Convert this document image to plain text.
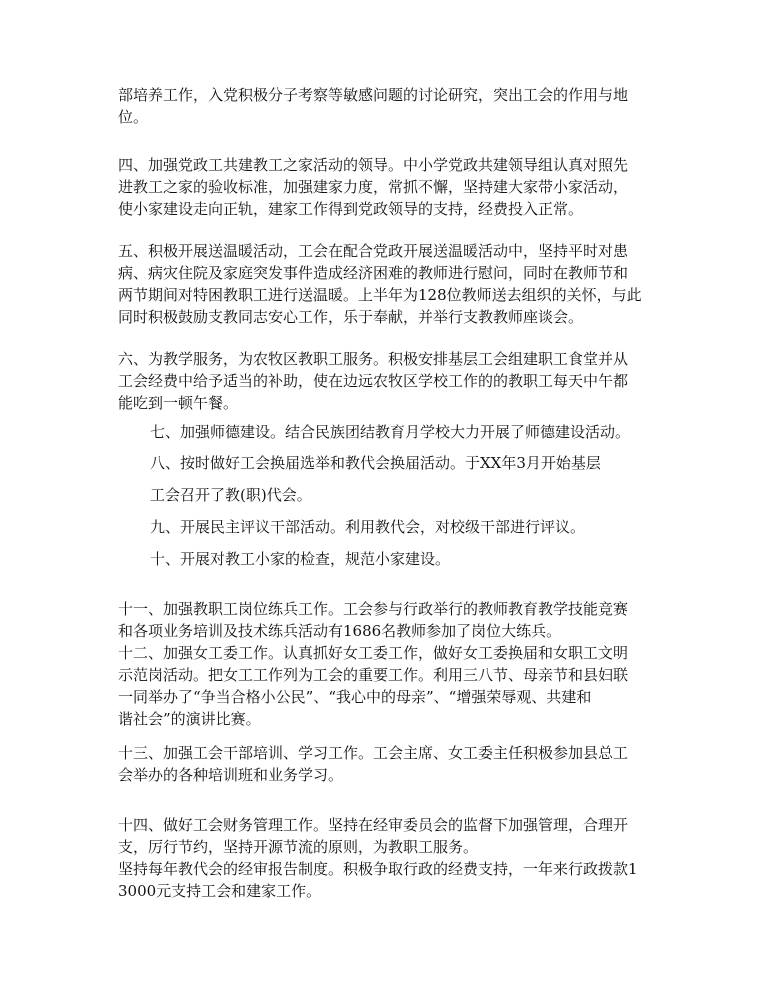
部培养工作，入党积极分子考察等敏感问题的讨论研究，突出工会的作用与地
位。

四、加强党政工共建教工之家活动的领导。中小学党政共建领导组认真对照先
进教工之家的验收标准，加强建家力度，常抓不懈，坚持建大家带小家活动，
使小家建设走向正轨，建家工作得到党政领导的支持，经费投入正常。

五、积极开展送温暖活动，工会在配合党政开展送温暖活动中，坚持平时对患
病、病灾住院及家庭突发事件造成经济困难的教师进行慰问，同时在教师节和
两节期间对特困教职工进行送温暖。上半年为128位教师送去组织的关怀，与此
同时积极鼓励支教同志安心工作，乐于奉献，并举行支教教师座谈会。

六、为教学服务，为农牧区教职工服务。积极安排基层工会组建职工食堂并从
工会经费中给予适当的补助，使在边远农牧区学校工作的的教职工每天中午都
能吃到一顿午餐。

七、加强师德建设。结合民族团结教育月学校大力开展了师德建设活动。

八、按时做好工会换届选举和教代会换届活动。于XX年3月开始基层

工会召开了教(职)代会。

九、开展民主评议干部活动。利用教代会，对校级干部进行评议。

十、开展对教工小家的检查，规范小家建设。

十一、加强教职工岗位练兵工作。工会参与行政举行的教师教育教学技能竞赛
和各项业务培训及技术练兵活动有1686名教师参加了岗位大练兵。
十二、加强女工委工作。认真抓好女工委工作，做好女工委换届和女职工文明
示范岗活动。把女工工作列为工会的重要工作。利用三八节、母亲节和县妇联
一同举办了“争当合格小公民”、“我心中的母亲”、“增强荣辱观、共建和
谐社会”的演讲比赛。

十三、加强工会干部培训、学习工作。工会主席、女工委主任积极参加县总工
会举办的各种培训班和业务学习。

十四、做好工会财务管理工作。坚持在经审委员会的监督下加强管理，合理开
支，厉行节约，坚持开源节流的原则，为教职工服务。
坚持每年教代会的经审报告制度。积极争取行政的经费支持，一年来行政拨款1
3000元支持工会和建家工作。
